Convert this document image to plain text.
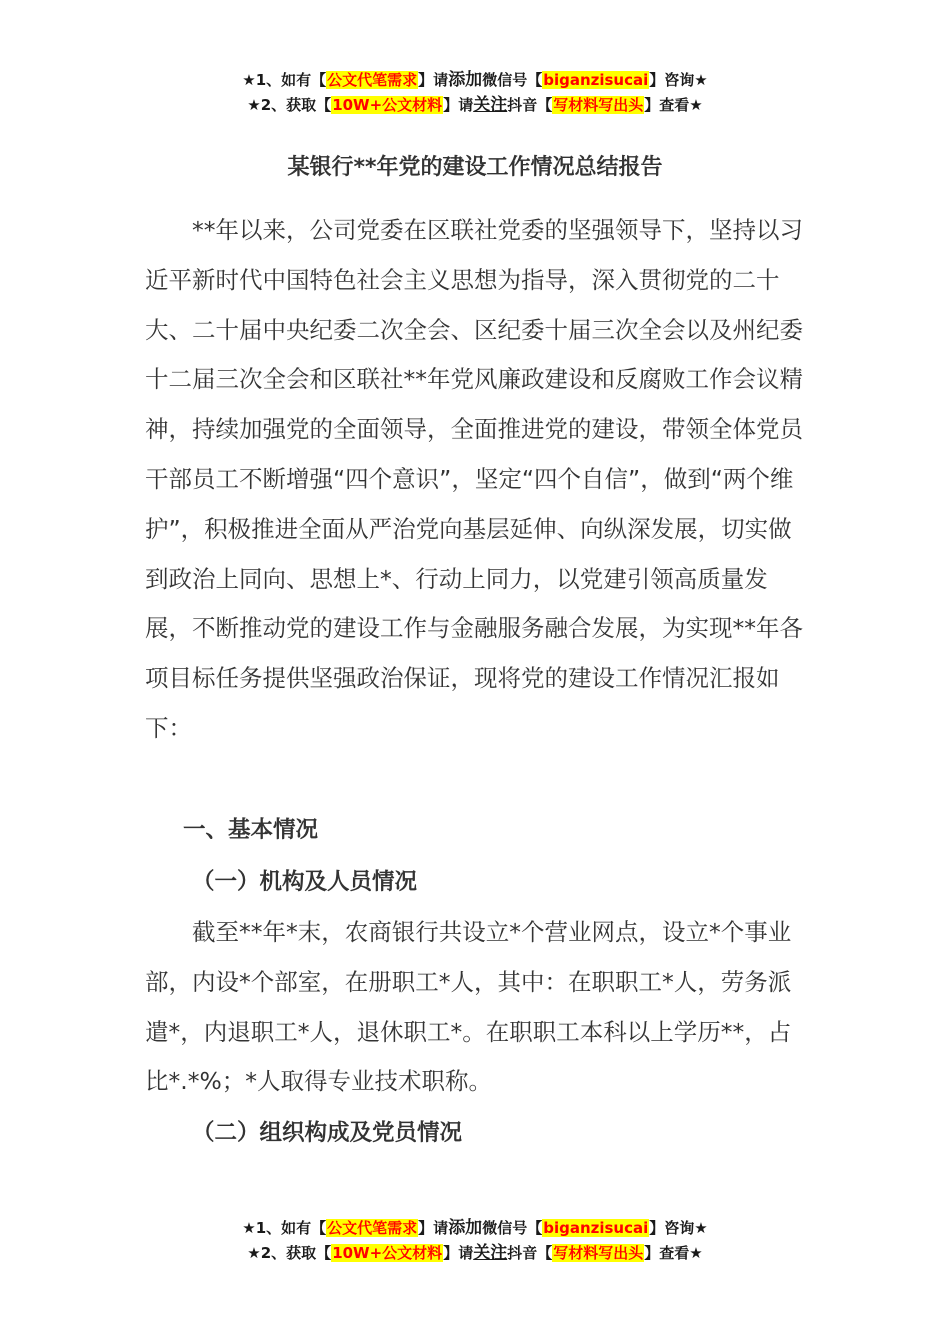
★1、如有【公文代笔需求】请添加微信号【biganzisucai】咨询★
★2、获取【10W+公文材料】请关注抖音【写材料写出头】查看★
某银行**年党的建设工作情况总结报告

**年以来，公司党委在区联社党委的坚强领导下，坚持以习近平新时代中国特色社会主义思想为指导，深入贯彻党的二十大、二十届中央纪委二次全会、区纪委十届三次全会以及州纪委十二届三次全会和区联社**年党风廉政建设和反腐败工作会议精神，持续加强党的全面领导，全面推进党的建设，带领全体党员干部员工不断增强“四个意识”，坚定“四个自信”，做到“两个维护”，积极推进全面从严治党向基层延伸、向纵深发展，切实做到政治上同向、思想上*、行动上同力，以党建引领高质量发展，不断推动党的建设工作与金融服务融合发展，为实现**年各项目标任务提供坚强政治保证，现将党的建设工作情况汇报如下：

一、基本情况

（一）机构及人员情况

截至**年*末，农商银行共设立*个营业网点，设立*个事业部，内设*个部室，在册职工*人，其中：在职职工*人，劳务派遣*，内退职工*人，退休职工*。在职职工本科以上学历**，占比*.*%；*人取得专业技术职称。

（二）组织构成及党员情况

★1、如有【公文代笔需求】请添加微信号【biganzisucai】咨询★
★2、获取【10W+公文材料】请关注抖音【写材料写出头】查看★
